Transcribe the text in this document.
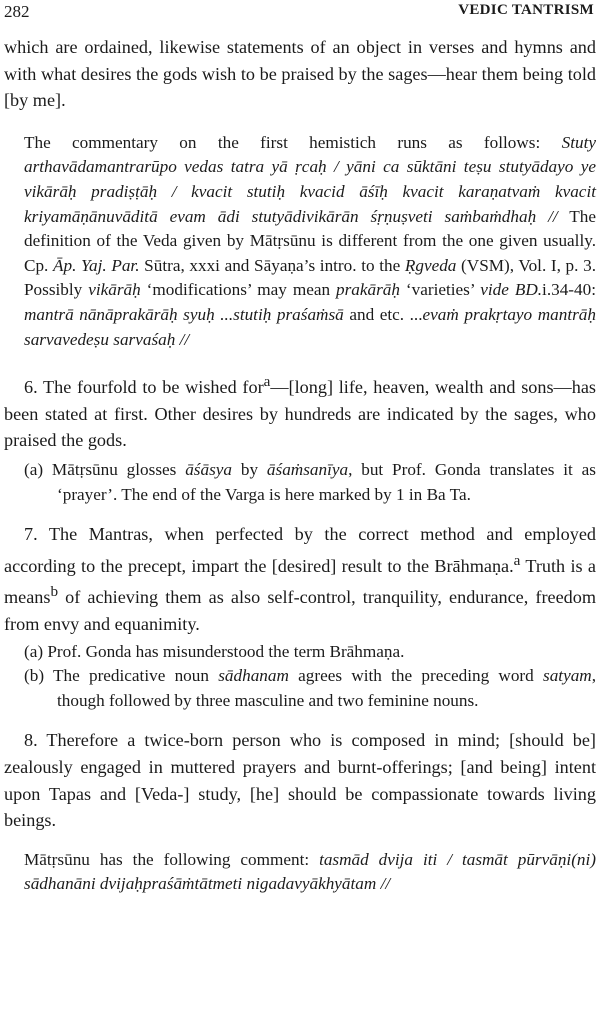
282	VEDIC TANTRISM

which are ordained, likewise statements of an object in verses and hymns and with what desires the gods wish to be praised by the sages—hear them being told [by me].

The commentary on the first hemistich runs as follows: Stuty arthavādamantrarūpo vedas tatra yā ṛcaḥ / yāni ca sūktāni teṣu stutyādayo ye vikārāḥ pradiṣṭāḥ / kvacit stutiḥ kvacid āśīḥ kvacit karaṇatvaṁ kvacit kriyamāṇānuvāditā evam ādi stutyādivikārān śṛṇuṣveti saṁbaṁdhaḥ // The definition of the Veda given by Mātṛsūnu is different from the one given usually. Cp. Āp. Yaj. Par. Sūtra, xxxi and Sāyaṇa’s intro. to the Ṛgveda (VSM), Vol. I, p. 3. Possibly vikārāḥ ‘modifications’ may mean prakārāḥ ‘varieties’ vide BD.i.34-40: mantrā nānāprakārāḥ syuḥ ...stutiḥ praśaṁsā and etc. ...evaṁ prakṛtayo mantrāḥ sarvavedeṣu sarvaśaḥ //

6. The fourfold to be wished for$^a$—[long] life, heaven, wealth and sons—has been stated at first. Other desires by hundreds are indicated by the sages, who praised the gods.

(a) Mātṛsūnu glosses āśāsya by āśaṁsanīya, but Prof. Gonda translates it as ‘prayer’. The end of the Varga is here marked by 1 in Ba Ta.

7. The Mantras, when perfected by the correct method and employed according to the precept, impart the [desired] result to the Brāhmaṇa.$^a$ Truth is a means$^b$ of achieving them as also self-control, tranquility, endurance, freedom from envy and equanimity.

(a) Prof. Gonda has misunderstood the term Brāhmaṇa.

(b) The predicative noun sādhanam agrees with the preceding word satyam, though followed by three masculine and two feminine nouns.

8. Therefore a twice-born person who is composed in mind; [should be] zealously engaged in muttered prayers and burnt-offerings; [and being] intent upon Tapas and [Veda-] study, [he] should be compassionate towards living beings.

Mātṛsūnu has the following comment: tasmād dvija iti / tasmāt pūrvāṇi(ni) sādhanāni dvijaḥpraśāṁtātmeti nigadavyākhyātam //
